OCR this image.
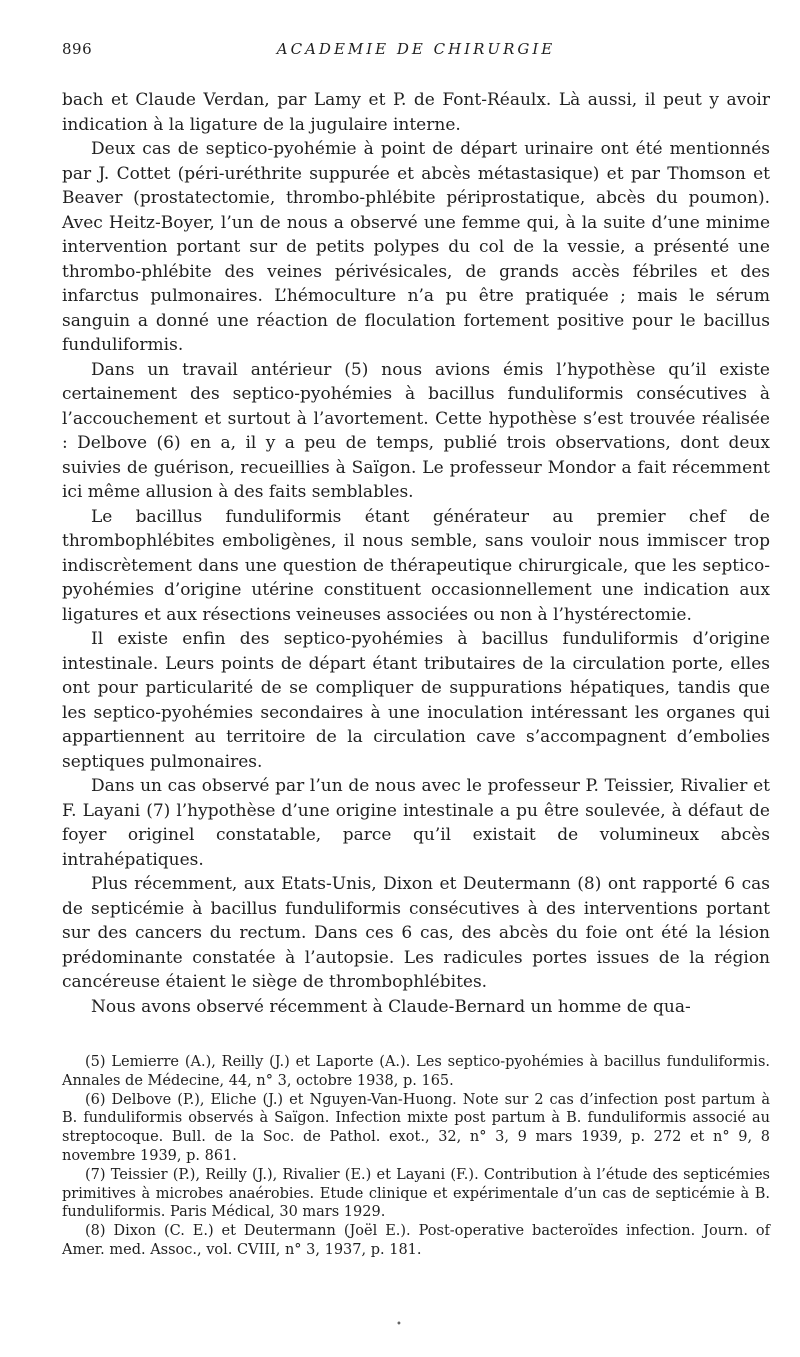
896	ACADEMIE DE CHIRURGIE

bach et Claude Verdan, par Lamy et P. de Font-Réaulx. Là aussi, il peut y avoir indication à la ligature de la jugulaire interne.

Deux cas de septico-pyohémie à point de départ urinaire ont été mentionnés par J. Cottet (péri-uréthrite suppurée et abcès métastasique) et par Thomson et Beaver (prostatectomie, thrombo-phlébite périprostatique, abcès du poumon). Avec Heitz-Boyer, l’un de nous a observé une femme qui, à la suite d’une minime intervention portant sur de petits polypes du col de la vessie, a présenté une thrombo-phlébite des veines périvésicales, de grands accès fébriles et des infarctus pulmonaires. L’hémoculture n’a pu être pratiquée ; mais le sérum sanguin a donné une réaction de floculation fortement positive pour le bacillus funduliformis.

Dans un travail antérieur (5) nous avions émis l’hypothèse qu’il existe certainement des septico-pyohémies à bacillus funduliformis consécutives à l’accouchement et surtout à l’avortement. Cette hypothèse s’est trouvée réalisée : Delbove (6) en a, il y a peu de temps, publié trois observations, dont deux suivies de guérison, recueillies à Saïgon. Le professeur Mondor a fait récemment ici même allusion à des faits semblables.

Le bacillus funduliformis étant générateur au premier chef de thrombophlébites emboligènes, il nous semble, sans vouloir nous immiscer trop indiscrètement dans une question de thérapeutique chirurgicale, que les septico-pyohémies d’origine utérine constituent occasionnellement une indication aux ligatures et aux résections veineuses associées ou non à l’hystérectomie.

Il existe enfin des septico-pyohémies à bacillus funduliformis d’origine intestinale. Leurs points de départ étant tributaires de la circulation porte, elles ont pour particularité de se compliquer de suppurations hépatiques, tandis que les septico-pyohémies secondaires à une inoculation intéressant les organes qui appartiennent au territoire de la circulation cave s’accompagnent d’embolies septiques pulmonaires.

Dans un cas observé par l’un de nous avec le professeur P. Teissier, Rivalier et F. Layani (7) l’hypothèse d’une origine intestinale a pu être soulevée, à défaut de foyer originel constatable, parce qu’il existait de volumineux abcès intrahépatiques.

Plus récemment, aux Etats-Unis, Dixon et Deutermann (8) ont rapporté 6 cas de septicémie à bacillus funduliformis consécutives à des interventions portant sur des cancers du rectum. Dans ces 6 cas, des abcès du foie ont été la lésion prédominante constatée à l’autopsie. Les radicules portes issues de la région cancéreuse étaient le siège de thrombophlébites.

Nous avons observé récemment à Claude-Bernard un homme de qua-

(5) Lemierre (A.), Reilly (J.) et Laporte (A.). Les septico-pyohémies à bacillus funduliformis. Annales de Médecine, 44, n° 3, octobre 1938, p. 165.

(6) Delbove (P.), Eliche (J.) et Nguyen-Van-Huong. Note sur 2 cas d’infection post partum à B. funduliformis observés à Saïgon. Infection mixte post partum à B. funduliformis associé au streptocoque. Bull. de la Soc. de Pathol. exot., 32, n° 3, 9 mars 1939, p. 272 et n° 9, 8 novembre 1939, p. 861.

(7) Teissier (P.), Reilly (J.), Rivalier (E.) et Layani (F.). Contribution à l’étude des septicémies primitives à microbes anaérobies. Etude clinique et expérimentale d’un cas de septicémie à B. funduliformis. Paris Médical, 30 mars 1929.

(8) Dixon (C. E.) et Deutermann (Joël E.). Post-operative bacteroïdes infection. Journ. of Amer. med. Assoc., vol. CVIII, n° 3, 1937, p. 181.

•
